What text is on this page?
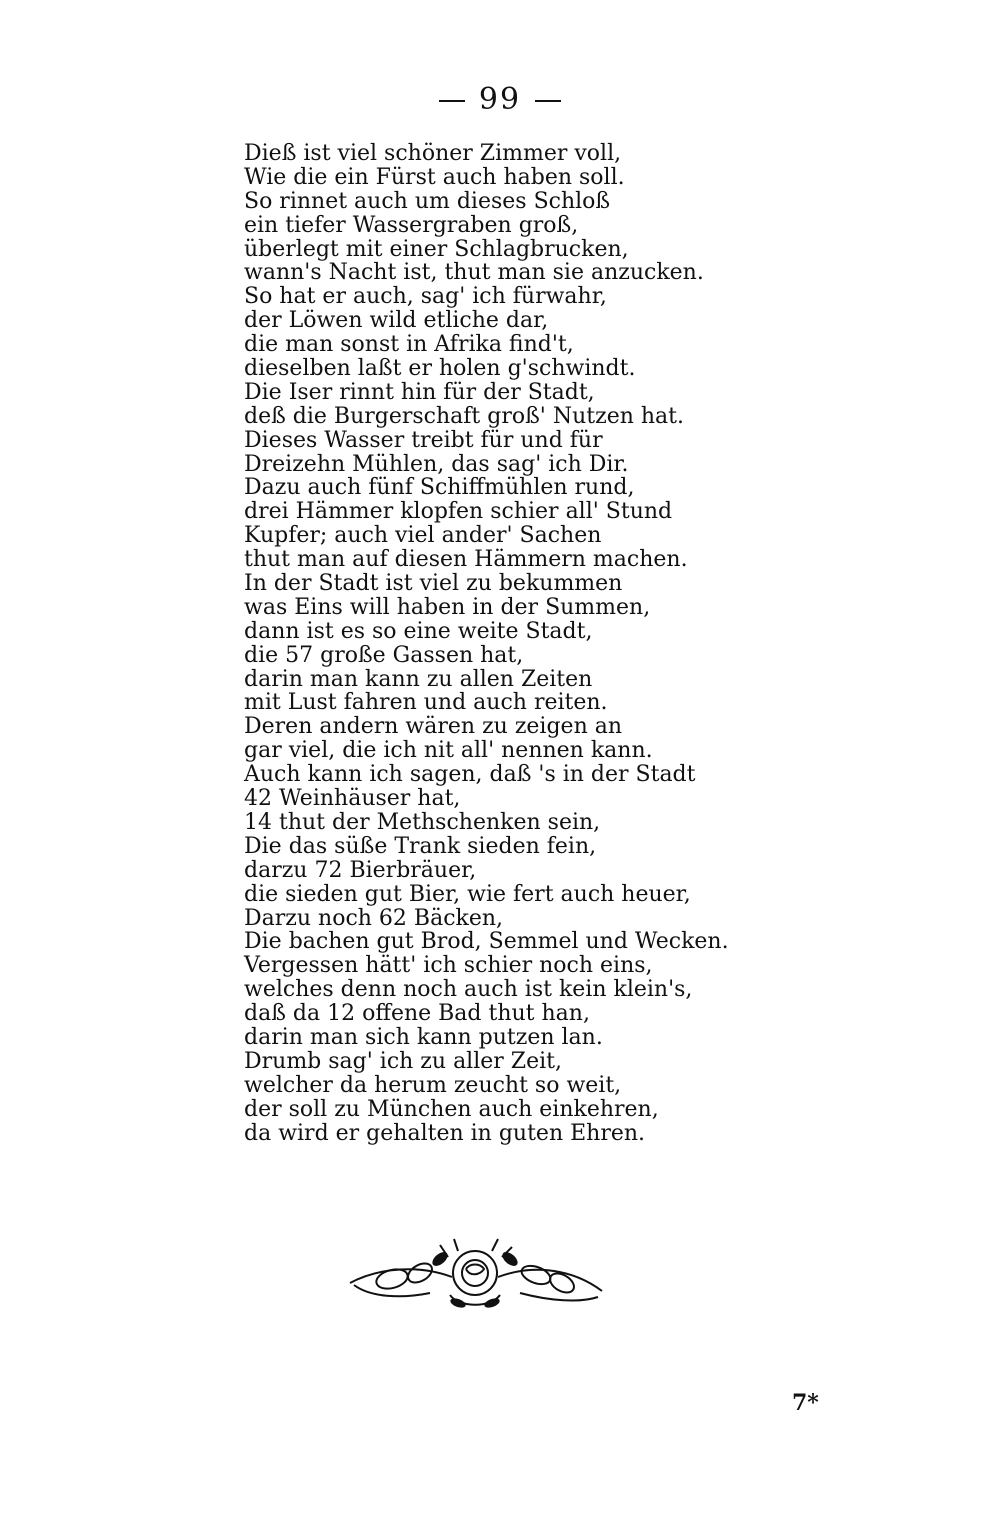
99
Dieß ist viel schöner Zimmer voll,
Wie die ein Fürst auch haben soll.
So rinnet auch um dieses Schloß
ein tiefer Wassergraben groß,
überlegt mit einer Schlagbrucken,
wann's Nacht ist, thut man sie anzucken.
So hat er auch, sag' ich fürwahr,
der Löwen wild etliche dar,
die man sonst in Afrika find't,
dieselben laßt er holen g'schwindt.
Die Iser rinnt hin für der Stadt,
deß die Burgerschaft groß' Nutzen hat.
Dieses Wasser treibt für und für
Dreizehn Mühlen, das sag' ich Dir.
Dazu auch fünf Schiffmühlen rund,
drei Hämmer klopfen schier all' Stund
Kupfer; auch viel ander' Sachen
thut man auf diesen Hämmern machen.
In der Stadt ist viel zu bekummen
was Eins will haben in der Summen,
dann ist es so eine weite Stadt,
die 57 große Gassen hat,
darin man kann zu allen Zeiten
mit Lust fahren und auch reiten.
Deren andern wären zu zeigen an
gar viel, die ich nit all' nennen kann.
Auch kann ich sagen, daß 's in der Stadt
42 Weinhäuser hat,
14 thut der Methschenken sein,
Die das süße Trank sieden fein,
darzu 72 Bierbräuer,
die sieden gut Bier, wie fert auch heuer,
Darzu noch 62 Bäcken,
Die bachen gut Brod, Semmel und Wecken.
Vergessen hätt' ich schier noch eins,
welches denn noch auch ist kein klein's,
daß da 12 offene Bad thut han,
darin man sich kann putzen lan.
Drumb sag' ich zu aller Zeit,
welcher da herum zeucht so weit,
der soll zu München auch einkehren,
da wird er gehalten in guten Ehren.
7*
